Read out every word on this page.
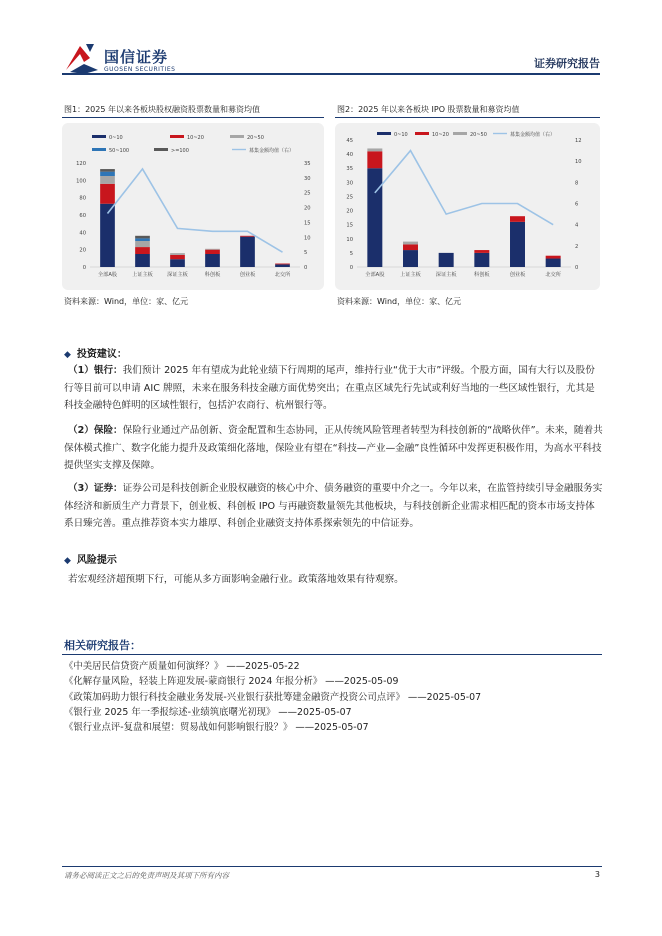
国信证券
GUOSEN SECURITIES	证券研究报告
图1：2025 年以来各板块股权融资股票数量和募资均值
0
20
40
60
80
100
120
0
5
10
15
20
25
30
35
全部A股	上证主板	深证主板	科创板	创业板	北交所
0~10	10~20	20~50
50~100	>=100	募集金额均值（右）
资料来源：Wind，单位：家、亿元
图2：2025 年以来各板块 IPO 股票数量和募资均值
0
5
10
15
20
25
30
35
40
45
0
2
4
6
8
10
12
全部A股	上证主板	深证主板	科创板	创业板	北交所
0~10	10~20	20~50	募集金额均值（右）
资料来源：Wind，单位：家、亿元
◆ 投资建议：
（1）银行：我们预计 2025 年有望成为此轮业绩下行周期的尾声，维持行业“优于大市”评级。个股方面，国有大行以及股份行等目前可以申请 AIC 牌照，未来在服务科技金融方面优势突出；在重点区域先行先试或利好当地的一些区域性银行，尤其是科技金融特色鲜明的区域性银行，包括沪农商行、杭州银行等。
（2）保险：保险行业通过产品创新、资金配置和生态协同，正从传统风险管理者转型为科技创新的“战略伙伴”。未来，随着共保体模式推广、数字化能力提升及政策细化落地，保险业有望在“科技—产业—金融”良性循环中发挥更积极作用，为高水平科技提供坚实支撑及保障。
（3）证券：证券公司是科技创新企业股权融资的核心中介、债务融资的重要中介之一。今年以来，在监管持续引导金融服务实体经济和新质生产力背景下，创业板、科创板 IPO 与再融资数量领先其他板块，与科技创新企业需求相匹配的资本市场支持体系日臻完善。重点推荐资本实力雄厚、科创企业融资支持体系探索领先的中信证券。
◆ 风险提示
若宏观经济超预期下行，可能从多方面影响金融行业。政策落地效果有待观察。
相关研究报告：
《中美居民信贷资产质量如何演绎？》 ——2025-05-22
《化解存量风险，轻装上阵迎发展-蒙商银行 2024 年报分析》 ——2025-05-09
《政策加码助力银行科技金融业务发展-兴业银行获批筹建金融资产投资公司点评》 ——2025-05-07
《银行业 2025 年一季报综述-业绩筑底曙光初现》 ——2025-05-07
《银行业点评-复盘和展望：贸易战如何影响银行股？》 ——2025-05-07
请务必阅读正文之后的免责声明及其项下所有内容	3
